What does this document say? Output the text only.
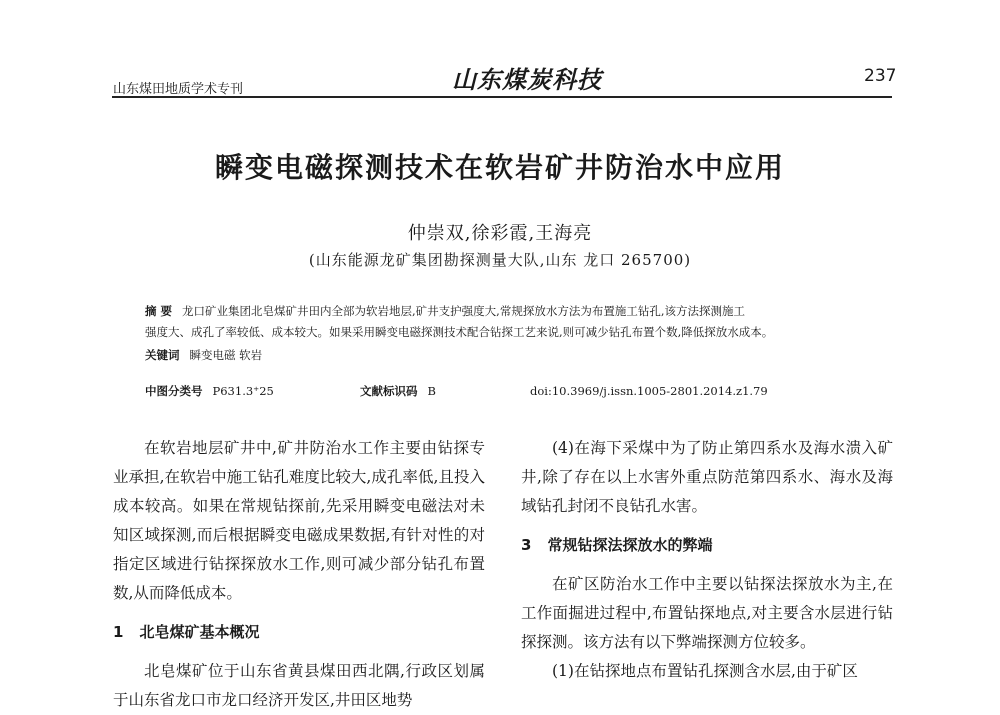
山东煤田地质学术专刊	山东煤炭科技	237
瞬变电磁探测技术在软岩矿井防治水中应用
仲崇双,徐彩霞,王海亮
(山东能源龙矿集团勘探测量大队,山东 龙口 265700)
摘 要 龙口矿业集团北皂煤矿井田内全部为软岩地层,矿井支护强度大,常规探放水方法为布置施工钻孔,该方法探测施工
强度大、成孔了率较低、成本较大。如果采用瞬变电磁探测技术配合钻探工艺来说,则可减少钻孔布置个数,降低探放水成本。
关键词 瞬变电磁 软岩
中图分类号 P631.3⁺25	文献标识码 B	doi:10.3969/j.issn.1005-2801.2014.z1.79

在软岩地层矿井中,矿井防治水工作主要由钻探专业承担,在软岩中施工钻孔难度比较大,成孔率低,且投入成本较高。如果在常规钻探前,先采用瞬变电磁法对未知区域探测,而后根据瞬变电磁成果数据,有针对性的对指定区域进行钻探探放水工作,则可减少部分钻孔布置数,从而降低成本。

1 北皂煤矿基本概况

北皂煤矿位于山东省黄县煤田西北隅,行政区划属于山东省龙口市龙口经济开发区,井田区地势

(4)在海下采煤中为了防止第四系水及海水溃入矿井,除了存在以上水害外重点防范第四系水、海水及海域钻孔封闭不良钻孔水害。

3 常规钻探法探放水的弊端

在矿区防治水工作中主要以钻探法探放水为主,在工作面掘进过程中,布置钻探地点,对主要含水层进行钻探探测。该方法有以下弊端探测方位较多。

(1)在钻探地点布置钻孔探测含水层,由于矿区
